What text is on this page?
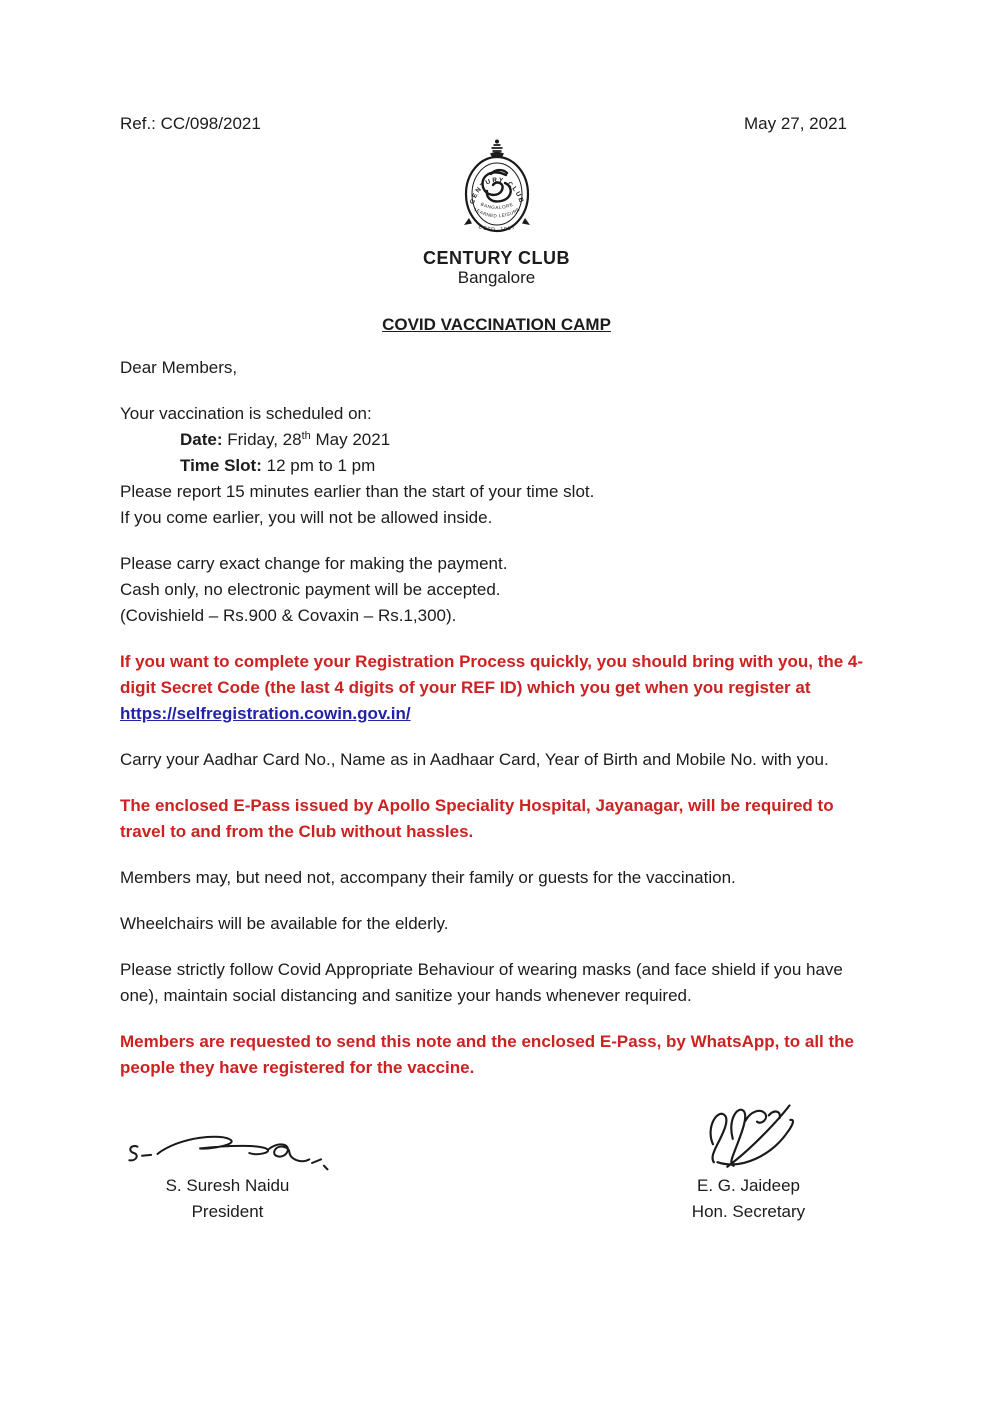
Ref.: CC/098/2021	May 27, 2021
CENTURY CLUB
BANGALORE
LEARNED LEISURE
ESTD. 1917
CENTURY CLUB
Bangalore
COVID VACCINATION CAMP

Dear Members,

Your vaccination is scheduled on:
Date: Friday, 28th May 2021
Time Slot: 12 pm to 1 pm
Please report 15 minutes earlier than the start of your time slot.
If you come earlier, you will not be allowed inside.
Please carry exact change for making the payment.
Cash only, no electronic payment will be accepted.
(Covishield – Rs.900 & Covaxin – Rs.1,300).

If you want to complete your Registration Process quickly, you should bring with you, the 4-digit Secret Code (the last 4 digits of your REF ID) which you get when you register at https://selfregistration.cowin.gov.in/

Carry your Aadhar Card No., Name as in Aadhaar Card, Year of Birth and Mobile No. with you.

The enclosed E-Pass issued by Apollo Speciality Hospital, Jayanagar, will be required to travel to and from the Club without hassles.

Members may, but need not, accompany their family or guests for the vaccination.

Wheelchairs will be available for the elderly.

Please strictly follow Covid Appropriate Behaviour of wearing masks (and face shield if you have one), maintain social distancing and sanitize your hands whenever required.

Members are requested to send this note and the enclosed E-Pass, by WhatsApp, to all the people they have registered for the vaccine.

S. Suresh Naidu
President
E. G. Jaideep
Hon. Secretary
